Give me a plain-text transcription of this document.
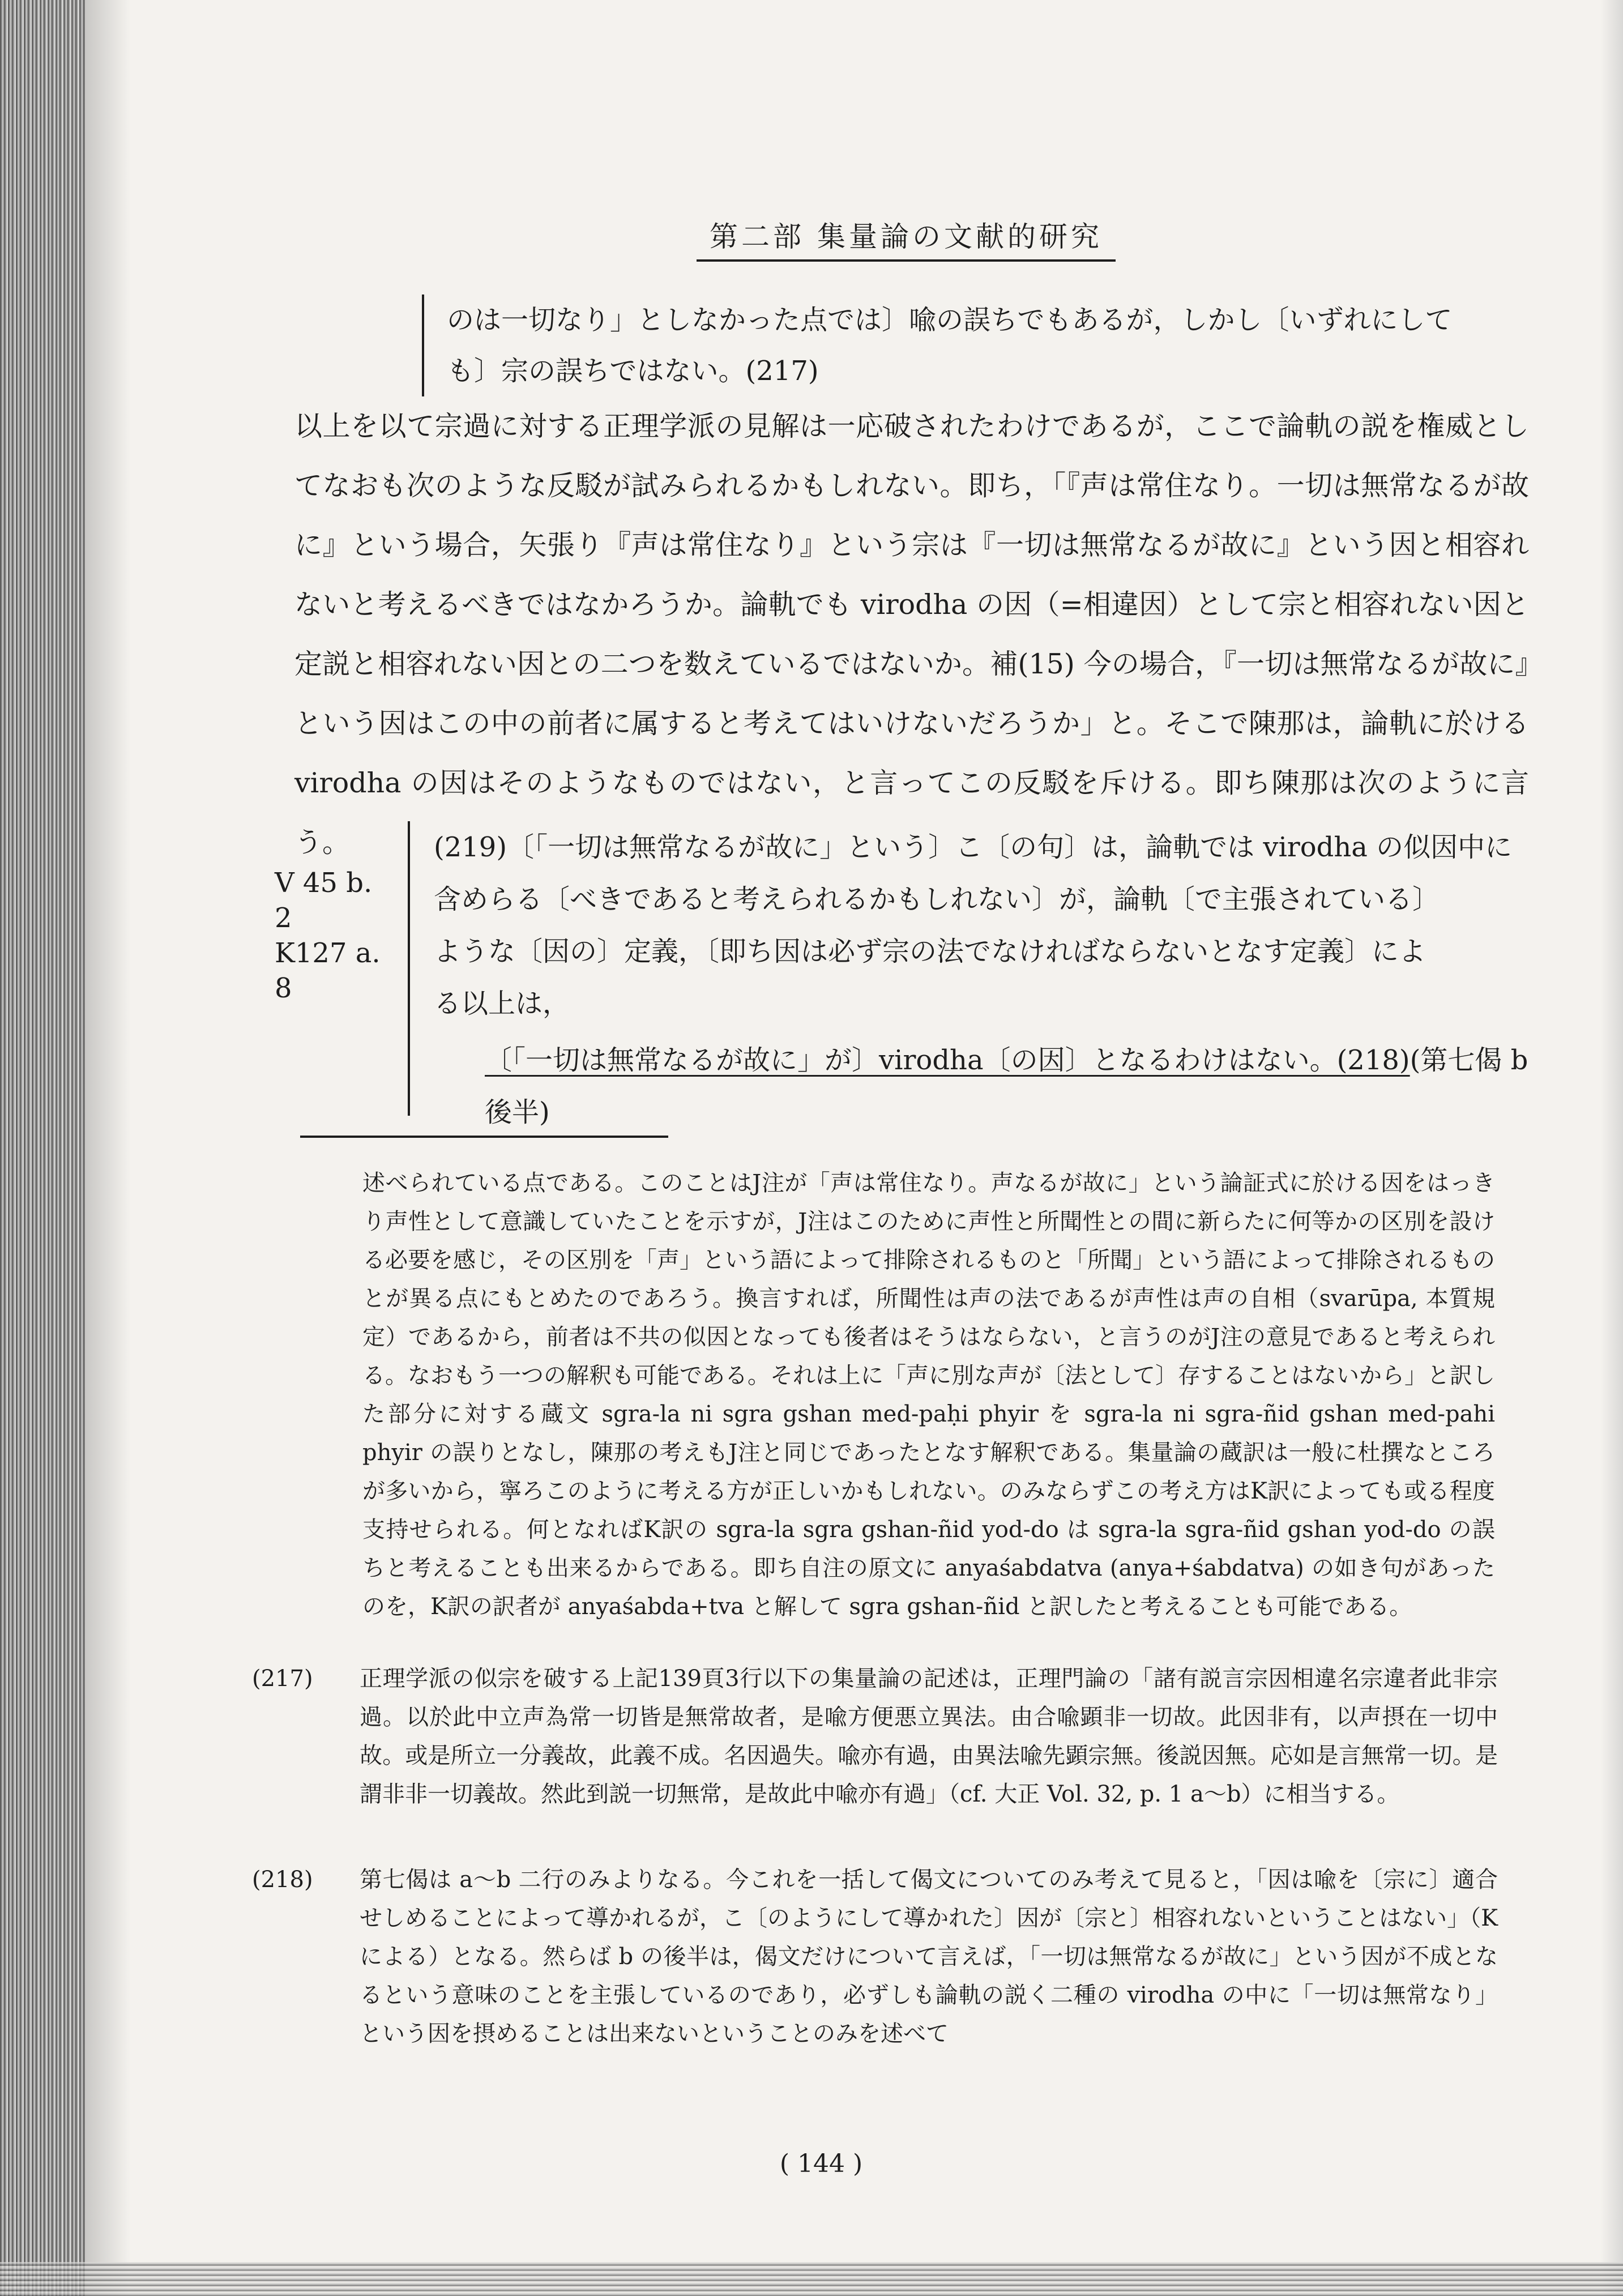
第二部 集量論の文献的研究

のは一切なり」としなかった点では〕喩の誤ちでもあるが，しかし〔いずれにして

も〕宗の誤ちではない。(217)

以上を以て宗過に対する正理学派の見解は一応破されたわけであるが，ここで論軌の説を権威としてなおも次のような反駁が試みられるかもしれない。即ち，「『声は常住なり。一切は無常なるが故に』という場合，矢張り『声は常住なり』という宗は『一切は無常なるが故に』という因と相容れないと考えるべきではなかろうか。論軌でも virodha の因（=相違因）として宗と相容れない因と定説と相容れない因との二つを数えているではないか。補(15) 今の場合，『一切は無常なるが故に』という因はこの中の前者に属すると考えてはいけないだろうか」と。そこで陳那は，論軌に於ける virodha の因はそのようなものではない，と言ってこの反駁を斥ける。即ち陳那は次のように言う。

V 45 b. 2
K127 a. 8

(219)〔「一切は無常なるが故に」という〕こ〔の句〕は，論軌では virodha の似因中に

含めらる〔べきであると考えられるかもしれない〕が，論軌〔で主張されている〕

ような〔因の〕定義，〔即ち因は必ず宗の法でなければならないとなす定義〕によ

る以上は，

〔「一切は無常なるが故に」が〕virodha〔の因〕となるわけはない。(218)(第七偈 b

後半)

述べられている点である。このことはJ注が「声は常住なり。声なるが故に」という論証式に於ける因をはっきり声性として意識していたことを示すが，J注はこのために声性と所聞性との間に新らたに何等かの区別を設ける必要を感じ，その区別を「声」という語によって排除されるものと「所聞」という語によって排除されるものとが異る点にもとめたのであろう。換言すれば，所聞性は声の法であるが声性は声の自相（svarūpa, 本質規定）であるから，前者は不共の似因となっても後者はそうはならない，と言うのがJ注の意見であると考えられる。なおもう一つの解釈も可能である。それは上に「声に別な声が〔法として〕存することはないから」と訳した部分に対する蔵文 sgra-la ni sgra gshan med-paḥi phyir を sgra-la ni sgra-ñid gshan med-pahi phyir の誤りとなし，陳那の考えもJ注と同じであったとなす解釈である。集量論の蔵訳は一般に杜撰なところが多いから，寧ろこのように考える方が正しいかもしれない。のみならずこの考え方はK訳によっても或る程度支持せられる。何となればK訳の sgra-la sgra gshan-ñid yod-do は sgra-la sgra-ñid gshan yod-do の誤ちと考えることも出来るからである。即ち自注の原文に anyaśabdatva (anya+śabdatva) の如き句があったのを，K訳の訳者が anyaśabda+tva と解して sgra gshan-ñid と訳したと考えることも可能である。

(217)	正理学派の似宗を破する上記139頁3行以下の集量論の記述は，正理門論の「諸有説言宗因相違名宗違者此非宗過。以於此中立声為常一切皆是無常故者，是喩方便悪立異法。由合喩顕非一切故。此因非有，以声摂在一切中故。或是所立一分義故，此義不成。名因過失。喩亦有過，由異法喩先顕宗無。後説因無。応如是言無常一切。是謂非非一切義故。然此到説一切無常，是故此中喩亦有過」（cf. 大正 Vol. 32, p. 1 a～b）に相当する。

(218)	第七偈は a～b 二行のみよりなる。今これを一括して偈文についてのみ考えて見ると，「因は喩を〔宗に〕適合せしめることによって導かれるが，こ〔のようにして導かれた〕因が〔宗と〕相容れないということはない」（Kによる）となる。然らば b の後半は，偈文だけについて言えば，「一切は無常なるが故に」という因が不成となるという意味のことを主張しているのであり，必ずしも論軌の説く二種の virodha の中に「一切は無常なり」という因を摂めることは出来ないということのみを述べて

( 144 )
